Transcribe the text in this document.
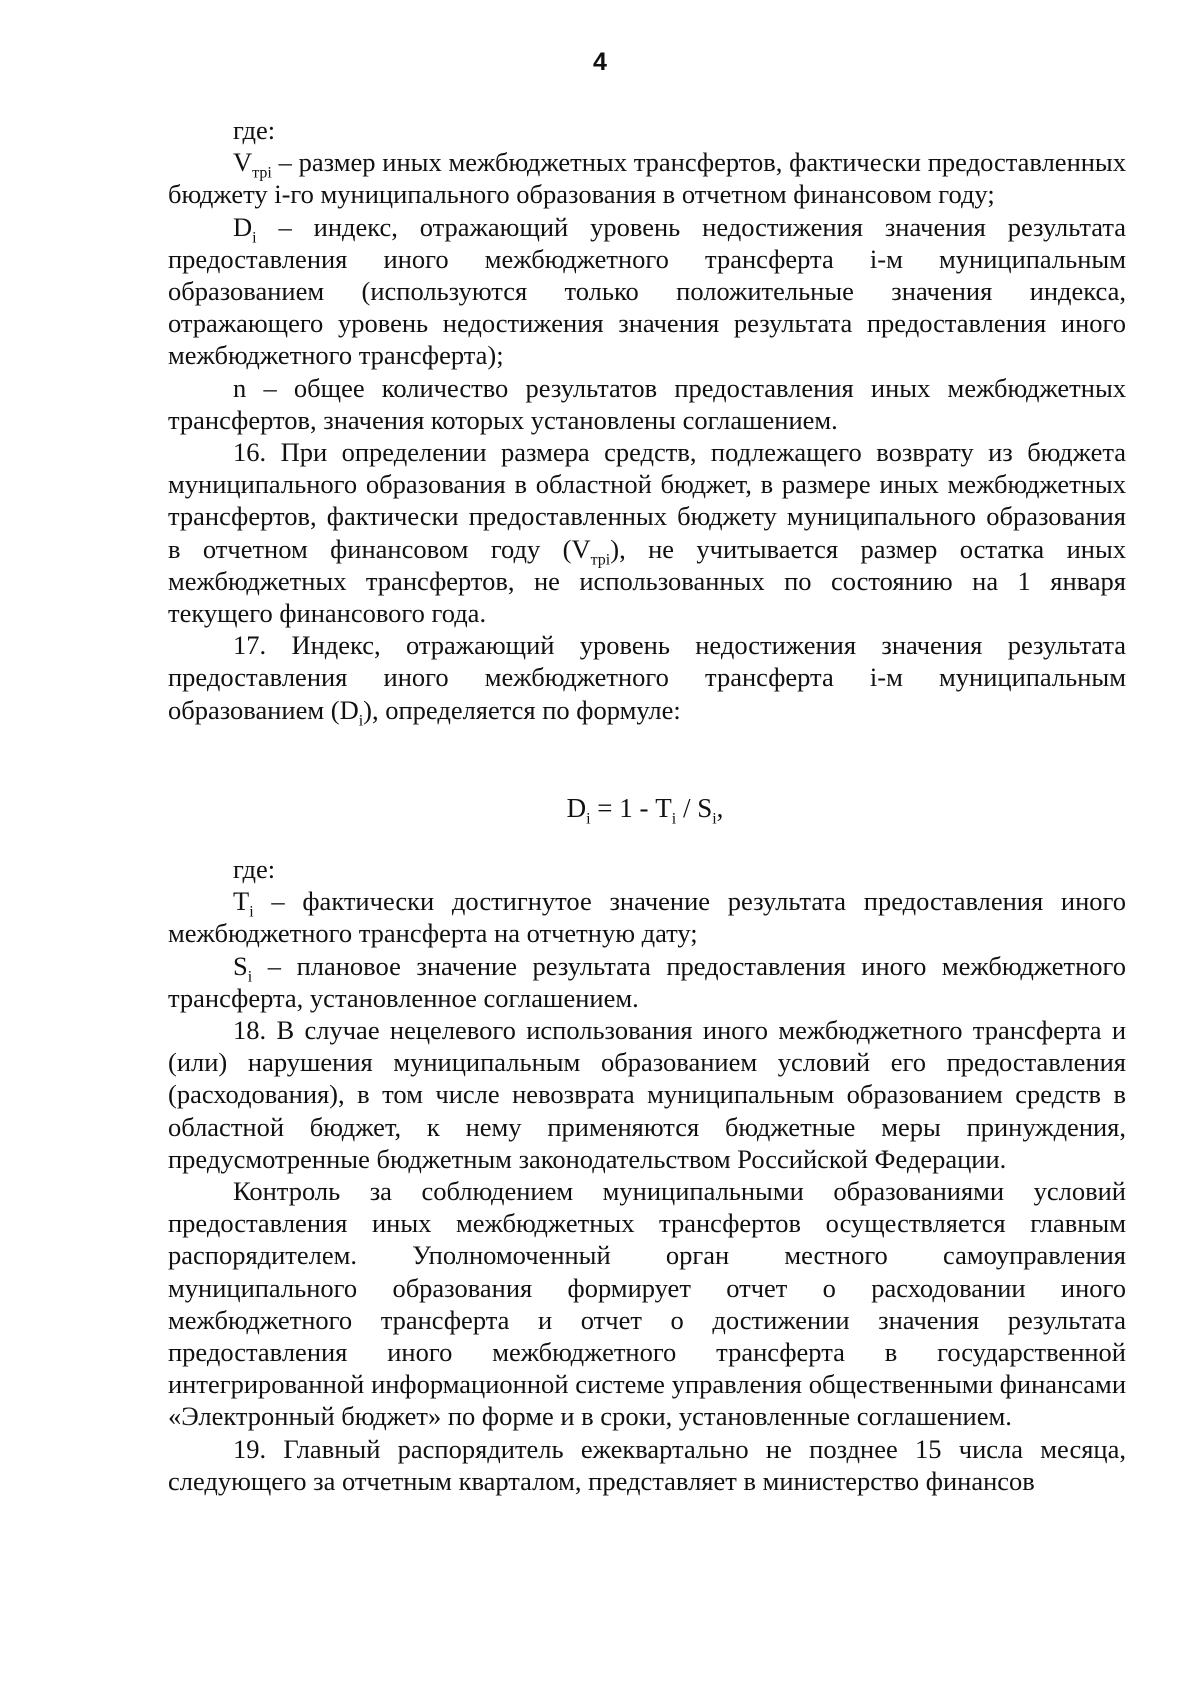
4

где:

$V_{трі}$ – размер иных межбюджетных трансфертов, фактически предоставленных бюджету і-го муниципального образования в отчетном финансовом году;

$D_і$ – индекс, отражающий уровень недостижения значения результата предоставления иного межбюджетного трансферта і-м муниципальным образованием (используются только положительные значения индекса, отражающего уровень недостижения значения результата предоставления иного межбюджетного трансферта);

n – общее количество результатов предоставления иных межбюджетных трансфертов, значения которых установлены соглашением.

16. При определении размера средств, подлежащего возврату из бюджета муниципального образования в областной бюджет, в размере иных межбюджетных трансфертов, фактически предоставленных бюджету муниципального образования в отчетном финансовом году $(V_{трі})$, не учитывается размер остатка иных межбюджетных трансфертов, не использованных по состоянию на 1 января текущего финансового года.

17. Индекс, отражающий уровень недостижения значения результата предоставления иного межбюджетного трансферта і-м муниципальным образованием $(D_і)$, определяется по формуле:

$D_і = 1 - T_і / S_і$,

где:

$T_і$ – фактически достигнутое значение результата предоставления иного межбюджетного трансферта на отчетную дату;

$S_і$ – плановое значение результата предоставления иного межбюджетного трансферта, установленное соглашением.

18. В случае нецелевого использования иного межбюджетного трансферта и (или) нарушения муниципальным образованием условий его предоставления (расходования), в том числе невозврата муниципальным образованием средств в областной бюджет, к нему применяются бюджетные меры принуждения, предусмотренные бюджетным законодательством Российской Федерации.

Контроль за соблюдением муниципальными образованиями условий предоставления иных межбюджетных трансфертов осуществляется главным распорядителем. Уполномоченный орган местного самоуправления муниципального образования формирует отчет о расходовании иного межбюджетного трансферта и отчет о достижении значения результата предоставления иного межбюджетного трансферта в государственной интегрированной информационной системе управления общественными финансами «Электронный бюджет» по форме и в сроки, установленные соглашением.

19. Главный распорядитель ежеквартально не позднее 15 числа месяца, следующего за отчетным кварталом, представляет в министерство финансов
